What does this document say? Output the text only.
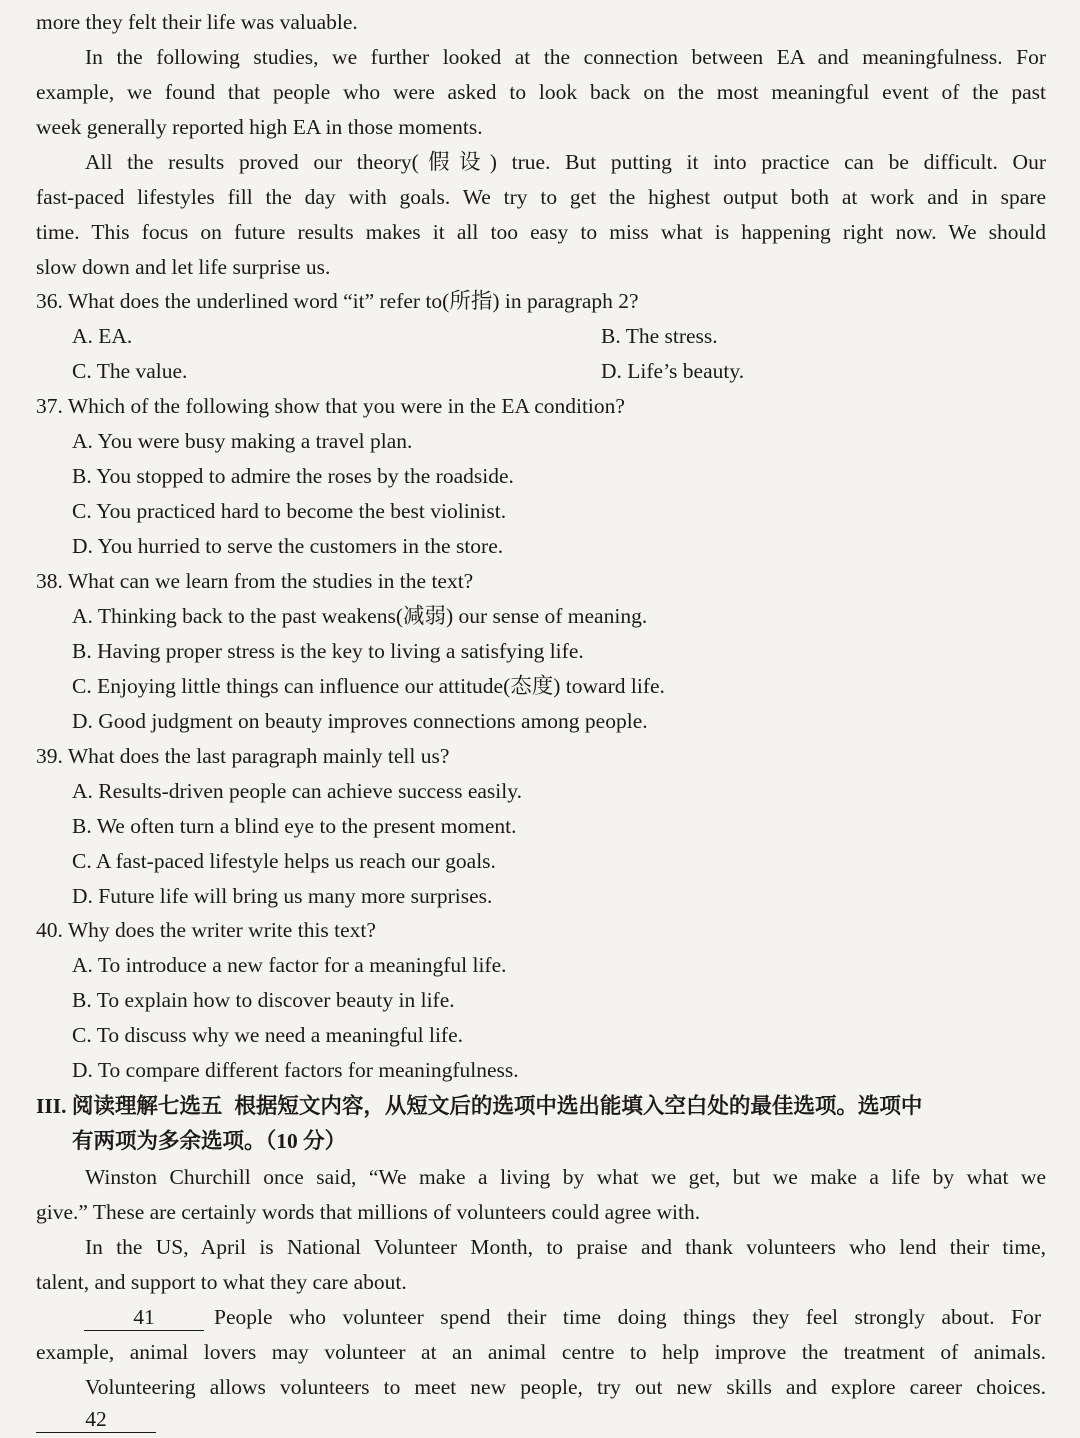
more they felt their life was valuable.
In the following studies, we further looked at the connection between EA and meaningfulness. For
example, we found that people who were asked to look back on the most meaningful event of the past
week generally reported high EA in those moments.
All the results proved our theory(假设) true. But putting it into practice can be difficult. Our
fast-paced lifestyles fill the day with goals. We try to get the highest output both at work and in spare
time. This focus on future results makes it all too easy to miss what is happening right now. We should
slow down and let life surprise us.
36. What does the underlined word “it” refer to(所指) in paragraph 2?
A. EA.	B. The stress.
C. The value.	D. Life’s beauty.
37. Which of the following show that you were in the EA condition?
A. You were busy making a travel plan.
B. You stopped to admire the roses by the roadside.
C. You practiced hard to become the best violinist.
D. You hurried to serve the customers in the store.
38. What can we learn from the studies in the text?
A. Thinking back to the past weakens(减弱) our sense of meaning.
B. Having proper stress is the key to living a satisfying life.
C. Enjoying little things can influence our attitude(态度) toward life.
D. Good judgment on beauty improves connections among people.
39. What does the last paragraph mainly tell us?
A. Results-driven people can achieve success easily.
B. We often turn a blind eye to the present moment.
C. A fast-paced lifestyle helps us reach our goals.
D. Future life will bring us many more surprises.
40. Why does the writer write this text?
A. To introduce a new factor for a meaningful life.
B. To explain how to discover beauty in life.
C. To discuss why we need a meaningful life.
D. To compare different factors for meaningfulness.
III. 阅读理解七选五 根据短文内容，从短文后的选项中选出能填入空白处的最佳选项。选项中
有两项为多余选项。（10 分）
Winston Churchill once said, “We make a living by what we get, but we make a life by what we
give.” These are certainly words that millions of volunteers could agree with.
In the US, April is National Volunteer Month, to praise and thank volunteers who lend their time,
talent, and support to what they care about.
41	People who volunteer spend their time doing things they feel strongly about. For
example, animal lovers may volunteer at an animal centre to help improve the treatment of animals.
Volunteering allows volunteers to meet new people, try out new skills and explore career choices.
42
